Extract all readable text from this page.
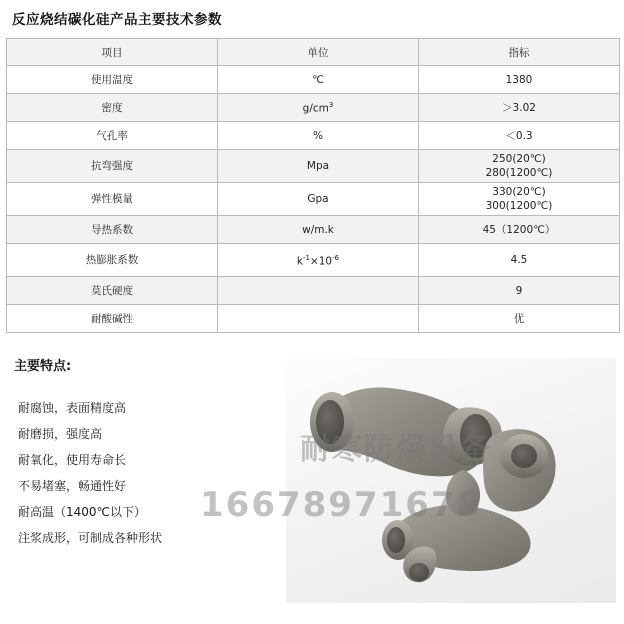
反应烧结碳化硅产品主要技术参数
项目	单位	指标
使用温度	℃	1380
密度	$g/cm^3$	＞3.02
气孔率	%	＜0.3
抗弯强度	Mpa	250(20℃)
280(1200℃)

弹性模量	Gpa	330(20℃)
300(1200℃)

导热系数	w/m.k	45（1200℃）
热膨胀系数	$k^{-1}\times 10^{-6}$	4.5
莫氏硬度		9
耐酸碱性		优
主要特点:
耐腐蚀，表面精度高
耐磨损，强度高
耐氧化，使用寿命长
不易堵塞，畅通性好
耐高温（1400℃以下）
注浆成形，可制成各种形状
耐寒防爆设备
16678971678
